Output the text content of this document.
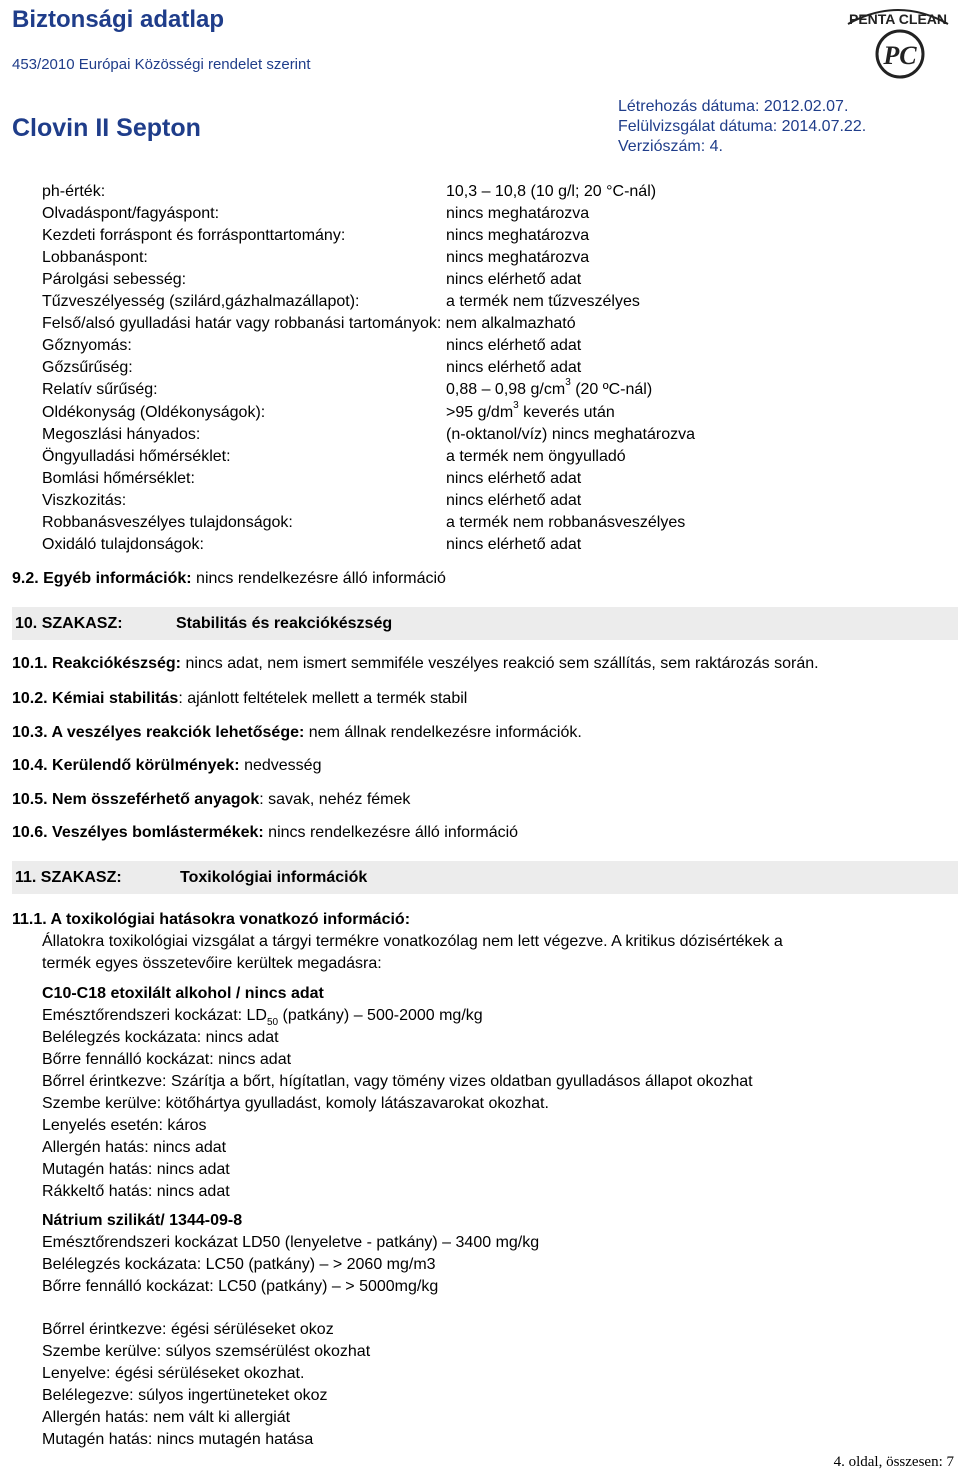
Biztonsági adatlap
453/2010 Európai Közösségi rendelet szerint
Clovin II Septon
Létrehozás dátuma: 2012.02.07.
Felülvizsgálat dátuma: 2014.07.22.
Verziószám: 4.
PENTA CLEAN
PC
ph-érték:	10,3 – 10,8 (10 g/l; 20 °C-nál)
Olvadáspont/fagyáspont:	nincs meghatározva
Kezdeti forráspont és forrásponttartomány:	nincs meghatározva
Lobbanáspont:	nincs meghatározva
Párolgási sebesség:	nincs elérhető adat
Tűzveszélyesség (szilárd,gázhalmazállapot):	a termék nem tűzveszélyes
Felső/alsó gyulladási határ vagy robbanási tartományok: nem alkalmazható
Gőznyomás:	nincs elérhető adat
Gőzsűrűség:	nincs elérhető adat
Relatív sűrűség:	0,88 – 0,98 $g/cm^3$ (20 ºC-nál)
Oldékonyság (Oldékonyságok):	>95 $g/dm^3$ keverés után
Megoszlási hányados:	(n-oktanol/víz) nincs meghatározva
Öngyulladási hőmérséklet:	a termék nem öngyulladó
Bomlási hőmérséklet:	nincs elérhető adat
Viszkozitás:	nincs elérhető adat
Robbanásveszélyes tulajdonságok:	a termék nem robbanásveszélyes
Oxidáló tulajdonságok:	nincs elérhető adat
9.2. Egyéb információk: nincs rendelkezésre álló információ
10. SZAKASZ:	Stabilitás és reakciókészség
10.1. Reakciókészség: nincs adat, nem ismert semmiféle veszélyes reakció sem szállítás, sem raktározás során.
10.2. Kémiai stabilitás: ajánlott feltételek mellett a termék stabil
10.3. A veszélyes reakciók lehetősége: nem állnak rendelkezésre információk.
10.4. Kerülendő körülmények: nedvesség
10.5. Nem összeférhető anyagok: savak, nehéz fémek
10.6. Veszélyes bomlástermékek: nincs rendelkezésre álló információ
11. SZAKASZ:	Toxikológiai információk
11.1. A toxikológiai hatásokra vonatkozó információ:
Állatokra toxikológiai vizsgálat a tárgyi termékre vonatkozólag nem lett végezve. A kritikus dózisértékek a
termék egyes összetevőire kerültek megadásra:
C10-C18 etoxilált alkohol / nincs adat
Emésztőrendszeri kockázat: $LD_{50}$ (patkány) – 500-2000 mg/kg
Belélegzés kockázata: nincs adat
Bőrre fennálló kockázat: nincs adat
Bőrrel érintkezve: Szárítja a bőrt, hígítatlan, vagy tömény vizes oldatban gyulladásos állapot okozhat
Szembe kerülve: kötőhártya gyulladást, komoly látászavarokat okozhat.
Lenyelés esetén: káros
Allergén hatás: nincs adat
Mutagén hatás: nincs adat
Rákkeltő hatás: nincs adat
Nátrium szilikát/ 1344-09-8
Emésztőrendszeri kockázat LD50 (lenyeletve - patkány) – 3400 mg/kg
Belélegzés kockázata: LC50 (patkány) – > 2060 mg/m3
Bőrre fennálló kockázat: LC50 (patkány) – > 5000mg/kg
Bőrrel érintkezve: égési sérüléseket okoz
Szembe kerülve: súlyos szemsérülést okozhat
Lenyelve: égési sérüléseket okozhat.
Belélegezve: súlyos ingertüneteket okoz
Allergén hatás: nem vált ki allergiát
Mutagén hatás: nincs mutagén hatása
4. oldal, összesen: 7
